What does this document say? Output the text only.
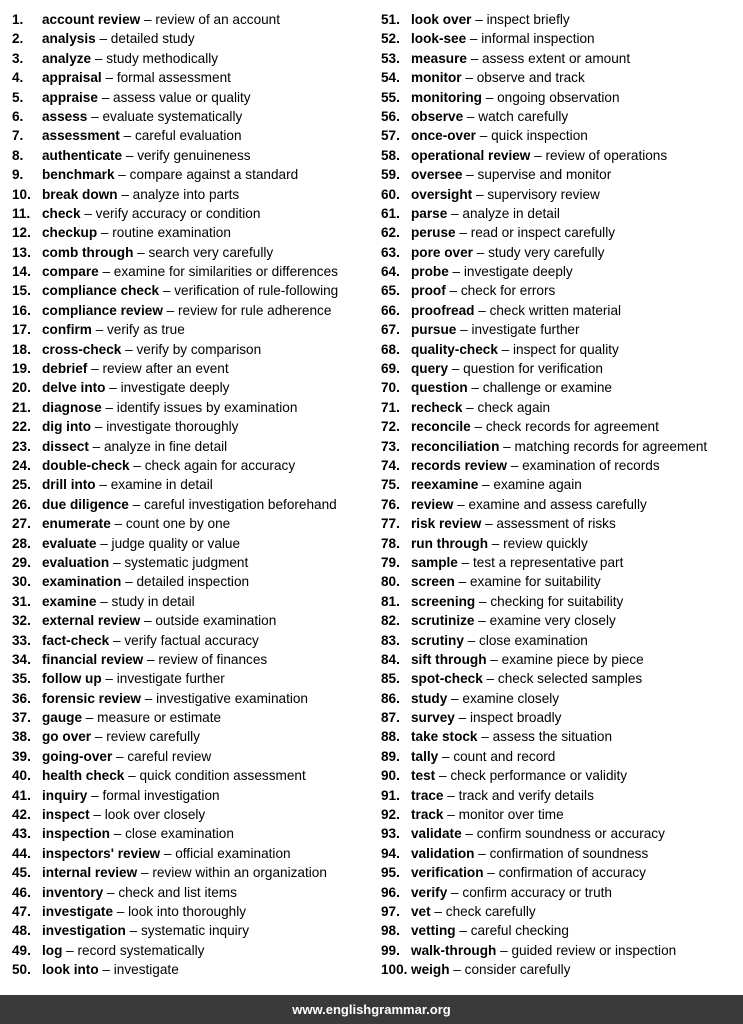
1. account review – review of an account
2. analysis – detailed study
3. analyze – study methodically
4. appraisal – formal assessment
5. appraise – assess value or quality
6. assess – evaluate systematically
7. assessment – careful evaluation
8. authenticate – verify genuineness
9. benchmark – compare against a standard
10. break down – analyze into parts
11. check – verify accuracy or condition
12. checkup – routine examination
13. comb through – search very carefully
14. compare – examine for similarities or differences
15. compliance check – verification of rule-following
16. compliance review – review for rule adherence
17. confirm – verify as true
18. cross-check – verify by comparison
19. debrief – review after an event
20. delve into – investigate deeply
21. diagnose – identify issues by examination
22. dig into – investigate thoroughly
23. dissect – analyze in fine detail
24. double-check – check again for accuracy
25. drill into – examine in detail
26. due diligence – careful investigation beforehand
27. enumerate – count one by one
28. evaluate – judge quality or value
29. evaluation – systematic judgment
30. examination – detailed inspection
31. examine – study in detail
32. external review – outside examination
33. fact-check – verify factual accuracy
34. financial review – review of finances
35. follow up – investigate further
36. forensic review – investigative examination
37. gauge – measure or estimate
38. go over – review carefully
39. going-over – careful review
40. health check – quick condition assessment
41. inquiry – formal investigation
42. inspect – look over closely
43. inspection – close examination
44. inspectors' review – official examination
45. internal review – review within an organization
46. inventory – check and list items
47. investigate – look into thoroughly
48. investigation – systematic inquiry
49. log – record systematically
50. look into – investigate
51. look over – inspect briefly
52. look-see – informal inspection
53. measure – assess extent or amount
54. monitor – observe and track
55. monitoring – ongoing observation
56. observe – watch carefully
57. once-over – quick inspection
58. operational review – review of operations
59. oversee – supervise and monitor
60. oversight – supervisory review
61. parse – analyze in detail
62. peruse – read or inspect carefully
63. pore over – study very carefully
64. probe – investigate deeply
65. proof – check for errors
66. proofread – check written material
67. pursue – investigate further
68. quality-check – inspect for quality
69. query – question for verification
70. question – challenge or examine
71. recheck – check again
72. reconcile – check records for agreement
73. reconciliation – matching records for agreement
74. records review – examination of records
75. reexamine – examine again
76. review – examine and assess carefully
77. risk review – assessment of risks
78. run through – review quickly
79. sample – test a representative part
80. screen – examine for suitability
81. screening – checking for suitability
82. scrutinize – examine very closely
83. scrutiny – close examination
84. sift through – examine piece by piece
85. spot-check – check selected samples
86. study – examine closely
87. survey – inspect broadly
88. take stock – assess the situation
89. tally – count and record
90. test – check performance or validity
91. trace – track and verify details
92. track – monitor over time
93. validate – confirm soundness or accuracy
94. validation – confirmation of soundness
95. verification – confirmation of accuracy
96. verify – confirm accuracy or truth
97. vet – check carefully
98. vetting – careful checking
99. walk-through – guided review or inspection
100. weigh – consider carefully
www.englishgrammar.org
